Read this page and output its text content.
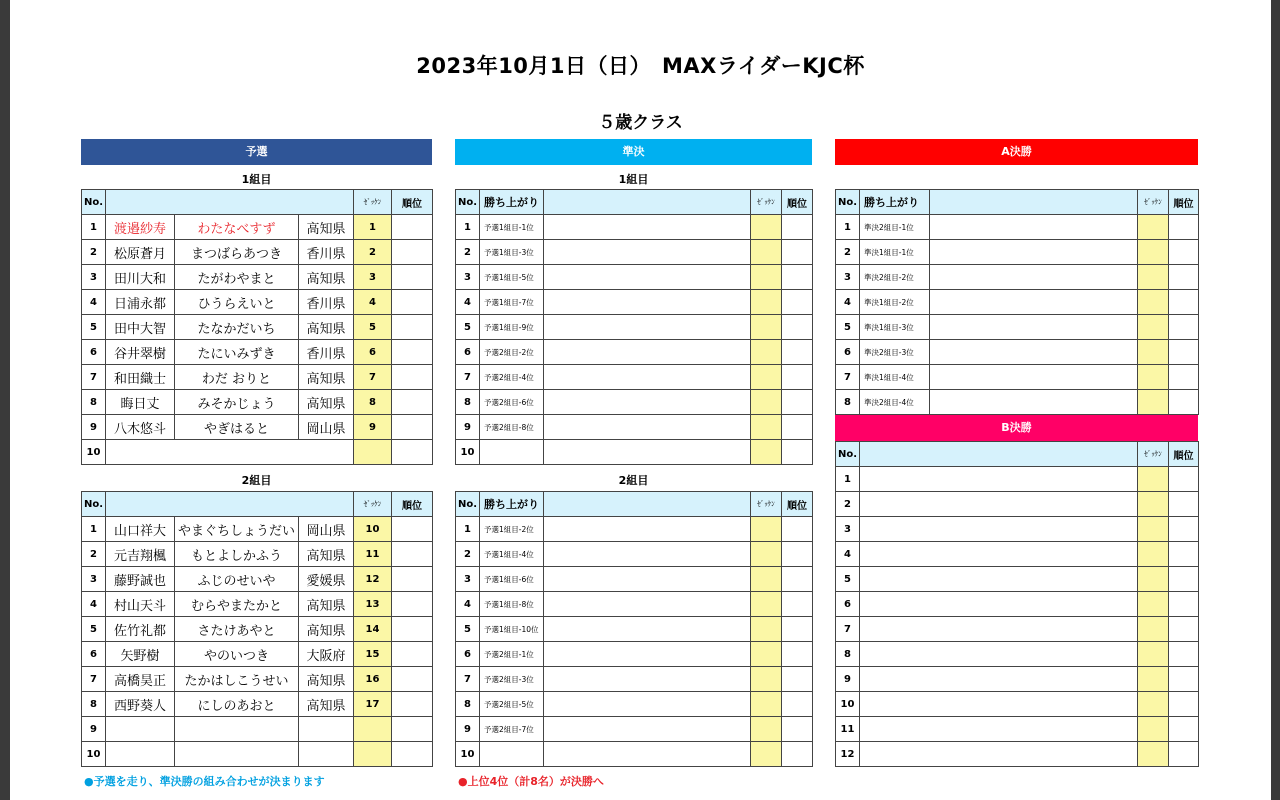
2023年10月1日（日）　MAXライダーKJC杯
５歳クラス
予選	準決	A決勝
B決勝
1組目	1組目
2組目	2組目
No.				ｾﾞｯｹﾝ	順位
1	渡邉紗寿	わたなべすず	高知県	1	
2	松原蒼月	まつばらあつき	香川県	2	
3	田川大和	たがわやまと	高知県	3	
4	日浦永都	ひうらえいと	香川県	4	
5	田中大智	たなかだいち	高知県	5	
6	谷井翠樹	たにいみずき	香川県	6	
7	和田織士	わだ おりと	高知県	7	
8	晦日丈	みそかじょう	高知県	8	
9	八木悠斗	やぎはると	岡山県	9	
10					
No.				ｾﾞｯｹﾝ	順位
1	山口祥大	やまぐちしょうだい	岡山県	10	
2	元吉翔楓	もとよしかふう	高知県	11	
3	藤野誠也	ふじのせいや	愛媛県	12	
4	村山天斗	むらやまたかと	高知県	13	
5	佐竹礼都	さたけあやと	高知県	14	
6	矢野樹	やのいつき	大阪府	15	
7	高橋昊正	たかはしこうせい	高知県	16	
8	西野葵人	にしのあおと	高知県	17	
9					
10					
No.	勝ち上がり		ｾﾞｯｹﾝ	順位
1	予選1組目-1位			
2	予選1組目-3位			
3	予選1組目-5位			
4	予選1組目-7位			
5	予選1組目-9位			
6	予選2組目-2位			
7	予選2組目-4位			
8	予選2組目-6位			
9	予選2組目-8位			
10				
No.	勝ち上がり		ｾﾞｯｹﾝ	順位
1	予選1組目-2位			
2	予選1組目-4位			
3	予選1組目-6位			
4	予選1組目-8位			
5	予選1組目-10位			
6	予選2組目-1位			
7	予選2組目-3位			
8	予選2組目-5位			
9	予選2組目-7位			
10				
No.	勝ち上がり		ｾﾞｯｹﾝ	順位
1	準決2組目-1位			
2	準決1組目-1位			
3	準決2組目-2位			
4	準決1組目-2位			
5	準決1組目-3位			
6	準決2組目-3位			
7	準決1組目-4位			
8	準決2組目-4位			
No.		ｾﾞｯｹﾝ	順位
1			
2			
3			
4			
5			
6			
7			
8			
9			
10			
11			
12			
●予選を走り、準決勝の組み合わせが決まります	●上位4位（計8名）が決勝へ
